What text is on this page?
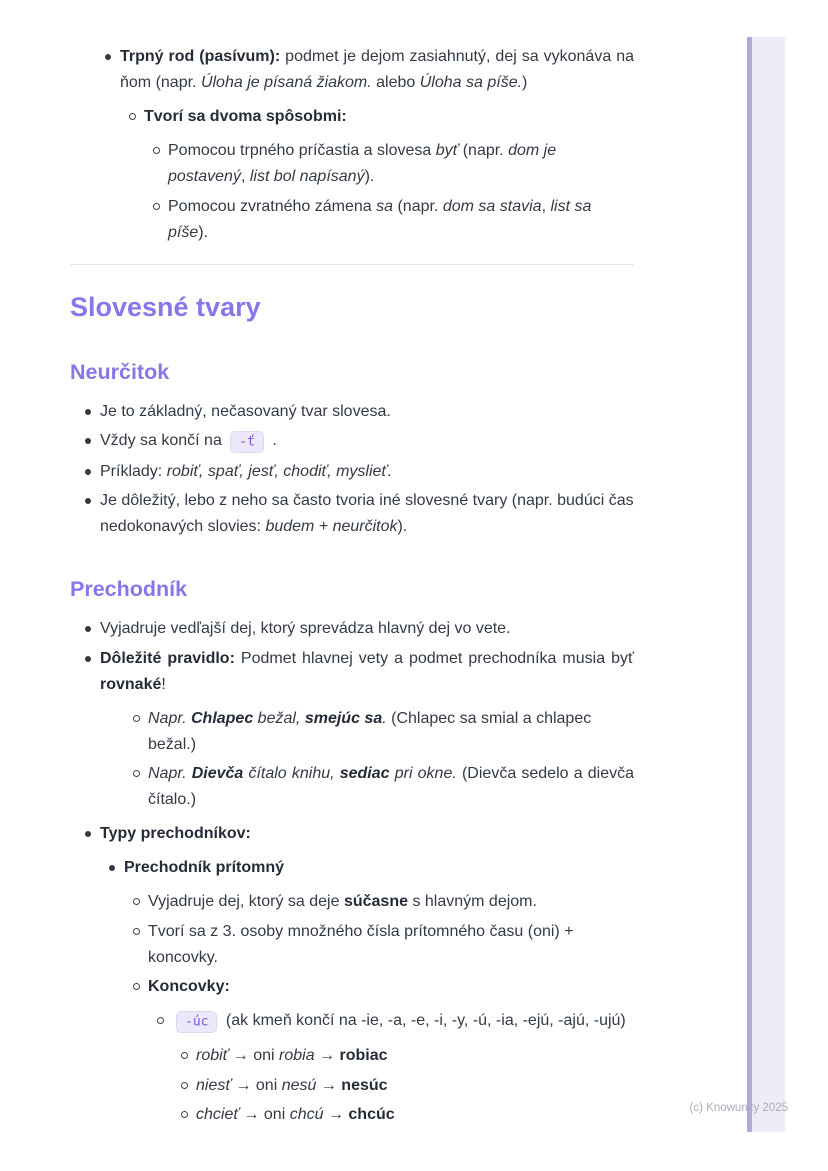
Trpný rod (pasívum): podmet je dejom zasiahnutý, dej sa vykonáva na ňom (napr. Úloha je písaná žiakom. alebo Úloha sa píše.)
Tvorí sa dvoma spôsobmi:
Pomocou trpného príčastia a slovesa byť (napr. dom je postavený, list bol napísaný).
Pomocou zvratného zámena sa (napr. dom sa stavia, list sa píše).
Slovesné tvary
Neurčitok
Je to základný, nečasovaný tvar slovesa.
Vždy sa končí na -ť .
Príklady: robiť, spať, jesť, chodiť, myslieť.
Je dôležitý, lebo z neho sa často tvoria iné slovesné tvary (napr. budúci čas nedokonavých slovies: budem + neurčitok).
Prechodník
Vyjadruje vedľajší dej, ktorý sprevádza hlavný dej vo vete.
Dôležité pravidlo: Podmet hlavnej vety a podmet prechodníka musia byť rovnaké!
Napr. Chlapec bežal, smejúc sa. (Chlapec sa smial a chlapec bežal.)
Napr. Dievča čítalo knihu, sediac pri okne. (Dievča sedelo a dievča čítalo.)
Typy prechodníkov:
Prechodník prítomný
Vyjadruje dej, ktorý sa deje súčasne s hlavným dejom.
Tvorí sa z 3. osoby množného čísla prítomného času (oni) + koncovky.
Koncovky:
-úc (ak kmeň končí na -ie, -a, -e, -i, -y, -ú, -ia, -ejú, -ajú, -ujú)
robiť → oni robia → robiac
niesť → oni nesú → nesúc
chcieť → oni chcú → chcúc	(c) Knowunity 2025
